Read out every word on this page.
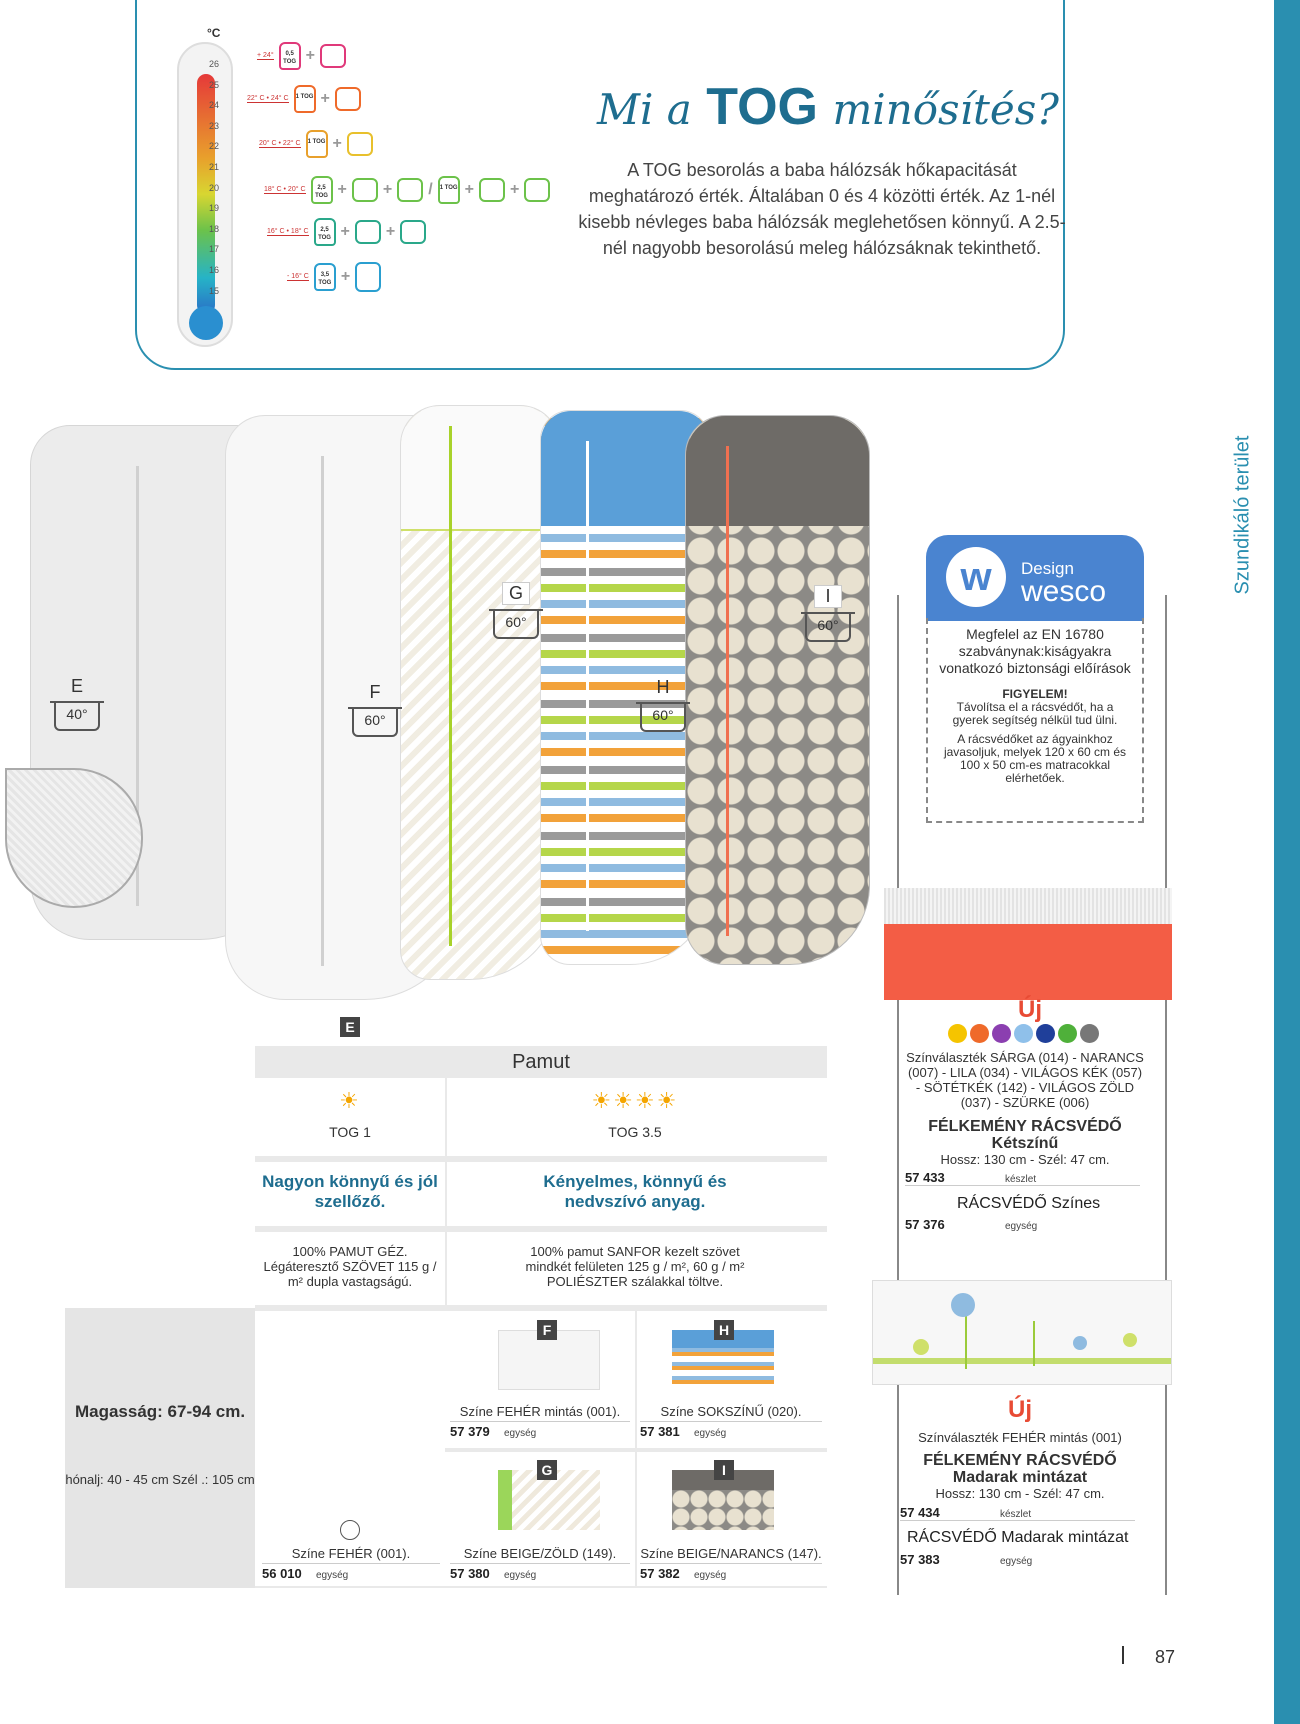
Szundikáló terület
°C
26
25
24
23
22
21
20
19
18
17
16
15
+ 24°	0,5 TOG +
22° C • 24° C	1 TOG +
20° C • 22° C	1 TOG +
18° C • 20° C	2,5 TOG + + /	1 TOG + +
16° C • 18° C	2,5 TOG + +
- 16° C	3,5 TOG +
Mi a TOG minősítés?
A TOG besorolás a baba hálózsák hőkapacitását meghatározó érték. Általában 0 és 4 közötti érték. Az 1-nél kisebb névleges baba hálózsák meglehetősen könnyű. A 2.5-nél nagyobb besorolású meleg hálózsáknak tekinthető.
E
40°
F
60°
G
60°
H
60°
I
60°
w	Design
wesco
Megfelel az EN 16780 szabványnak:kiságyakra vonatkozó biztonsági előírások
FIGYELEM!
Távolítsa el a rácsvédőt, ha a gyerek segítség nélkül tud ülni.
A rácsvédőket az ágyainkhoz javasoljuk, melyek 120 x 60 cm és 100 x 50 cm-es matracokkal elérhetőek.
Új
Színválaszték SÁRGA (014) - NARANCS (007) - LILA (034) - VILÁGOS KÉK (057) - SÖTÉTKÉK (142) - VILÁGOS ZÖLD (037) - SZÜRKE (006)
FÉLKEMÉNY RÁCSVÉDŐ
Kétszínű
Hossz: 130 cm - Szél: 47 cm.
57 433	készlet
RÁCSVÉDŐ Színes
57 376	egység
Új
Színválaszték FEHÉR mintás (001)
FÉLKEMÉNY RÁCSVÉDŐ
Madarak mintázat
Hossz: 130 cm - Szél: 47 cm.
57 434	készlet
RÁCSVÉDŐ Madarak mintázat
57 383	egység
E
Pamut
☀	☀☀☀☀
TOG 1	TOG 3.5
Nagyon könnyű és jól szellőző.
Kényelmes, könnyű és nedvszívó anyag.
100% PAMUT GÉZ. Légáteresztő SZÖVET 115 g / m² dupla vastagságú.
100% pamut SANFOR kezelt szövet mindkét felületen 125 g / m², 60 g / m² POLIÉSZTER szálakkal töltve.
Magasság: 67-94 cm.
hónalj: 40 - 45 cm Szél .: 105 cm
Színe FEHÉR (001).
56 010	egység
F
Színe FEHÉR mintás (001).
57 379	egység
H
Színe SOKSZÍNŰ (020).
57 381	egység
G
Színe BEIGE/ZÖLD (149).
57 380	egység
I
Színe BEIGE/NARANCS (147).
57 382	egység
87
